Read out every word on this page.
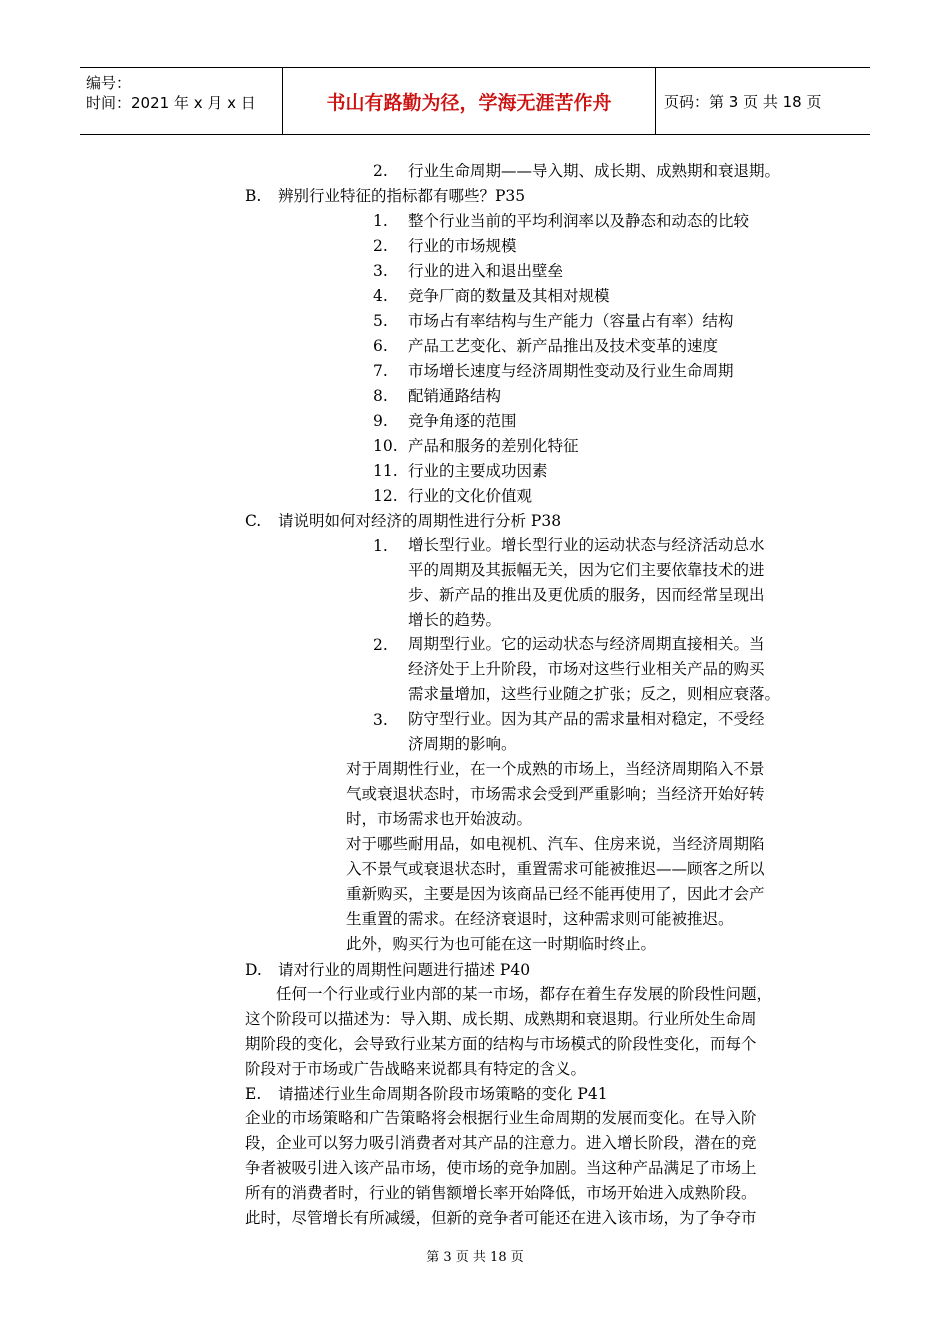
编号：
时间：2021 年 x 月 x 日	书山有路勤为径，学海无涯苦作舟	页码：第 3 页 共 18 页
2. 行业生命周期——导入期、成长期、成熟期和衰退期。
B. 辨别行业特征的指标都有哪些？P35
1. 整个行业当前的平均利润率以及静态和动态的比较
2. 行业的市场规模
3. 行业的进入和退出壁垒
4. 竞争厂商的数量及其相对规模
5. 市场占有率结构与生产能力（容量占有率）结构
6. 产品工艺变化、新产品推出及技术变革的速度
7. 市场增长速度与经济周期性变动及行业生命周期
8. 配销通路结构
9. 竞争角逐的范围
10. 产品和服务的差别化特征
11. 行业的主要成功因素
12. 行业的文化价值观
C. 请说明如何对经济的周期性进行分析 P38
1. 增长型行业。增长型行业的运动状态与经济活动总水

平的周期及其振幅无关，因为它们主要依靠技术的进

步、新产品的推出及更优质的服务，因而经常呈现出

增长的趋势。

2. 周期型行业。它的运动状态与经济周期直接相关。当

经济处于上升阶段，市场对这些行业相关产品的购买

需求量增加，这些行业随之扩张；反之，则相应衰落。

3. 防守型行业。因为其产品的需求量相对稳定，不受经

济周期的影响。

对于周期性行业，在一个成熟的市场上，当经济周期陷入不景

气或衰退状态时，市场需求会受到严重影响；当经济开始好转

时，市场需求也开始波动。

对于哪些耐用品，如电视机、汽车、住房来说，当经济周期陷

入不景气或衰退状态时，重置需求可能被推迟——顾客之所以

重新购买，主要是因为该商品已经不能再使用了，因此才会产

生重置的需求。在经济衰退时，这种需求则可能被推迟。

此外，购买行为也可能在这一时期临时终止。

D. 请对行业的周期性问题进行描述 P40

任何一个行业或行业内部的某一市场，都存在着生存发展的阶段性问题，

这个阶段可以描述为：导入期、成长期、成熟期和衰退期。行业所处生命周

期阶段的变化，会导致行业某方面的结构与市场模式的阶段性变化，而每个

阶段对于市场或广告战略来说都具有特定的含义。

E. 请描述行业生命周期各阶段市场策略的变化 P41

企业的市场策略和广告策略将会根据行业生命周期的发展而变化。在导入阶

段，企业可以努力吸引消费者对其产品的注意力。进入增长阶段，潜在的竞

争者被吸引进入该产品市场，使市场的竞争加剧。当这种产品满足了市场上

所有的消费者时，行业的销售额增长率开始降低，市场开始进入成熟阶段。

此时，尽管增长有所减缓，但新的竞争者可能还在进入该市场，为了争夺市

第 3 页 共 18 页
